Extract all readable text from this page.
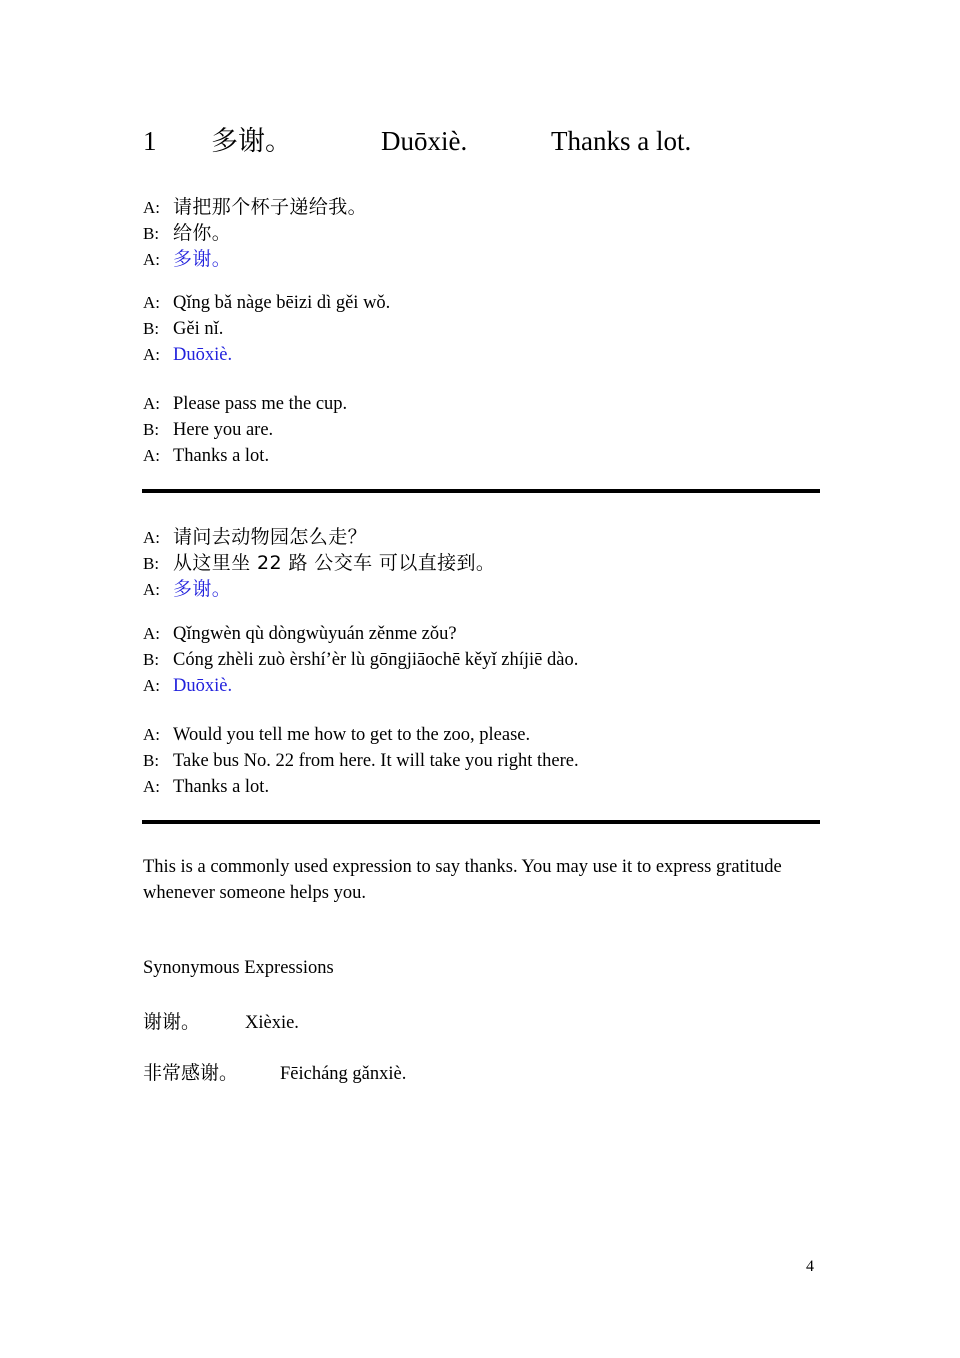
1 多谢。	Duōxiè.	Thanks a lot.
A: 请把那个杯子递给我。
B: 给你。
A: 多谢。
A: Qǐng bǎ nàge bēizi dì gěi wǒ.
B: Gěi nǐ.
A: Duōxiè.
A: Please pass me the cup.
B: Here you are.
A: Thanks a lot.
A: 请问去动物园怎么走？
B: 从这里坐 22 路 公交车 可以直接到。
A: 多谢。
A: Qǐngwèn qù dòngwùyuán zěnme zǒu?
B: Cóng zhèli zuò èrshí’èr lù gōngjiāochē kěyǐ zhíjiē dào.
A: Duōxiè.
A: Would you tell me how to get to the zoo, please.
B: Take bus No. 22 from here. It will take you right there.
A: Thanks a lot.
This is a commonly used expression to say thanks. You may use it to express gratitude whenever someone helps you.
Synonymous Expressions
谢谢。	Xièxie.
非常感谢。	Fēicháng gǎnxiè.
4
